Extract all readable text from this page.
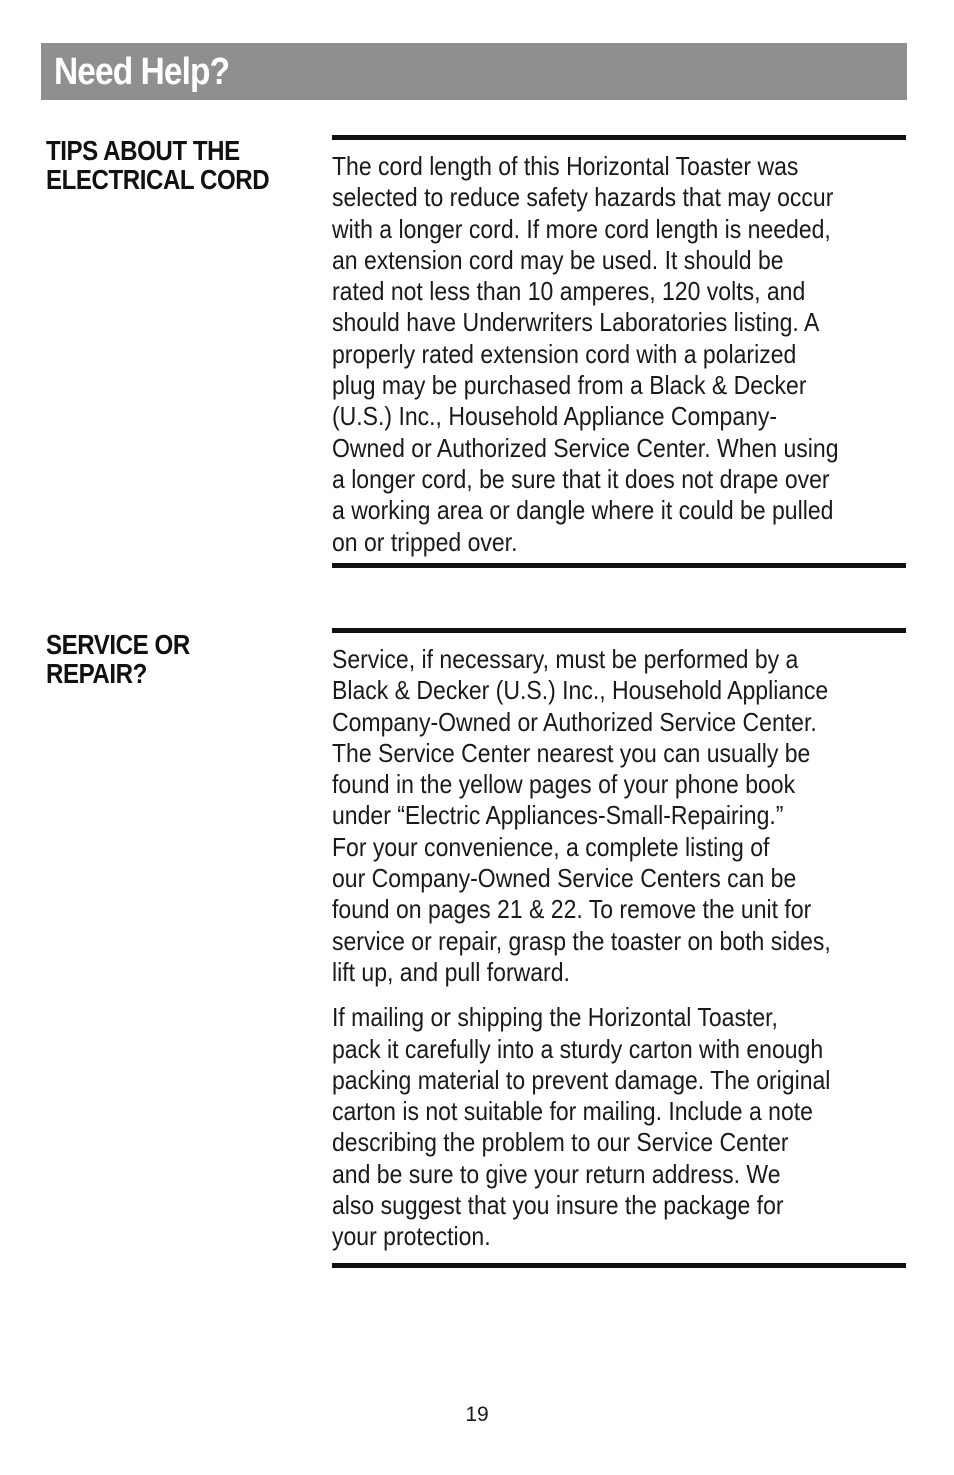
Need Help?
TIPS ABOUT THE
ELECTRICAL CORD	The cord length of this Horizontal Toaster was
selected to reduce safety hazards that may occur
with a longer cord. If more cord length is needed,
an extension cord may be used. It should be
rated not less than 10 amperes, 120 volts, and
should have Underwriters Laboratories listing. A
properly rated extension cord with a polarized
plug may be purchased from a Black & Decker
(U.S.) Inc., Household Appliance Company-
Owned or Authorized Service Center. When using
a longer cord, be sure that it does not drape over
a working area or dangle where it could be pulled
on or tripped over.

SERVICE OR
REPAIR?	Service, if necessary, must be performed by a
Black & Decker (U.S.) Inc., Household Appliance
Company-Owned or Authorized Service Center.
The Service Center nearest you can usually be
found in the yellow pages of your phone book
under “Electric Appliances-Small-Repairing.”
For your convenience, a complete listing of
our Company-Owned Service Centers can be
found on pages 21 & 22. To remove the unit for
service or repair, grasp the toaster on both sides,
lift up, and pull forward.

If mailing or shipping the Horizontal Toaster,
pack it carefully into a sturdy carton with enough
packing material to prevent damage. The original
carton is not suitable for mailing. Include a note
describing the problem to our Service Center
and be sure to give your return address. We
also suggest that you insure the package for
your protection.

19
